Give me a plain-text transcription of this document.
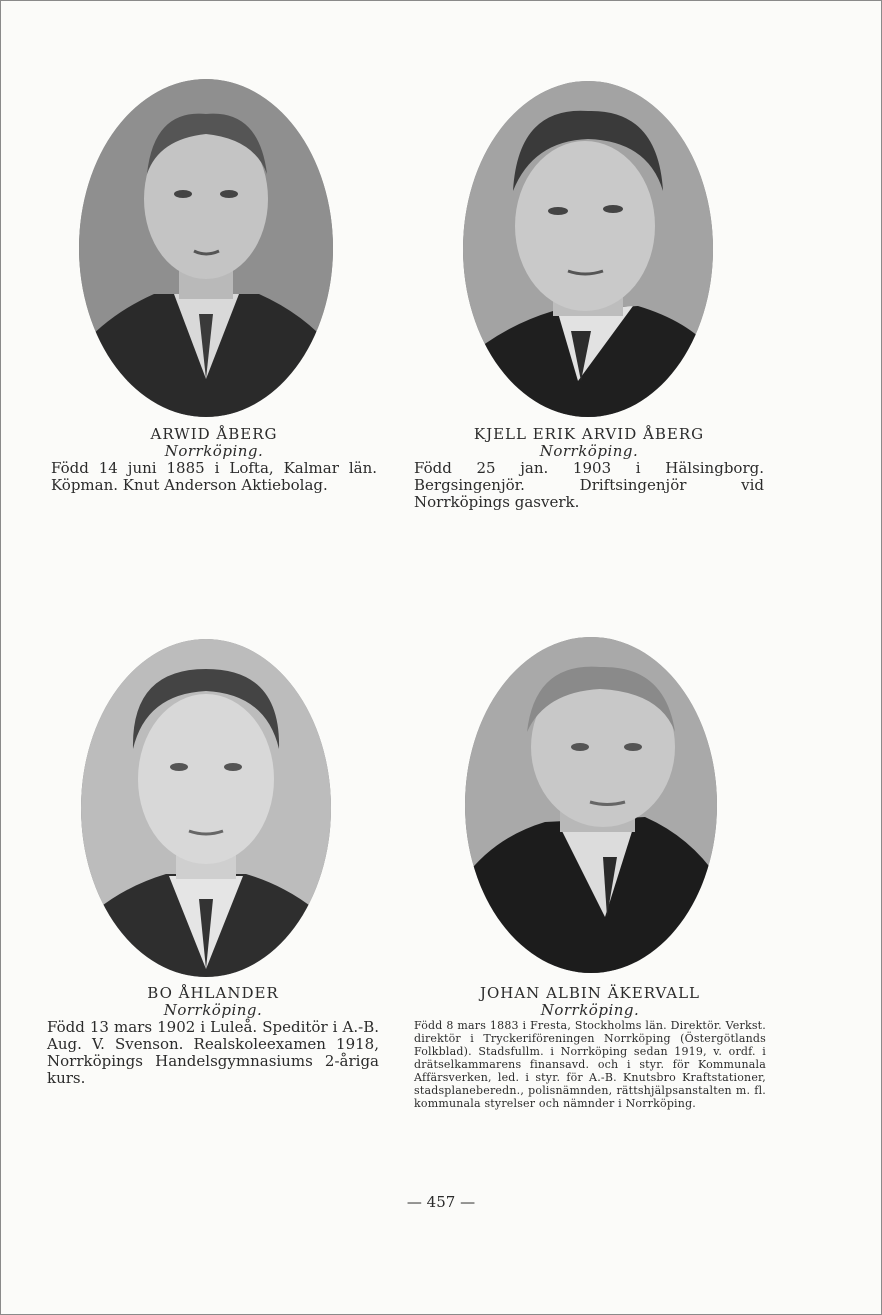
ARWID ÅBERG
Norrköping.
Född 14 juni 1885 i Lofta, Kalmar län. Köpman. Knut Anderson Aktiebolag.
KJELL ERIK ARVID ÅBERG
Norrköping.
Född 25 jan. 1903 i Hälsingborg. Bergsingenjör. Driftsingenjör vid Norrköpings gasverk.
BO ÅHLANDER
Norrköping.
Född 13 mars 1902 i Luleå. Speditör i A.-B. Aug. V. Svenson. Realskoleexamen 1918, Norrköpings Handelsgymnasiums 2-åriga kurs.
JOHAN ALBIN ÄKERVALL
Norrköping.
Född 8 mars 1883 i Fresta, Stockholms län. Direktör. Verkst. direktör i Tryckeriföreningen Norrköping (Östergötlands Folkblad). Stadsfullm. i Norrköping sedan 1919, v. ordf. i drätselkammarens finansavd. och i styr. för Kommunala Affärsverken, led. i styr. för A.-B. Knutsbro Kraftstationer, stadsplaneberedn., polisnämnden, rättshjälpsanstalten m. fl. kommunala styrelser och nämnder i Norrköping.
— 457 —
